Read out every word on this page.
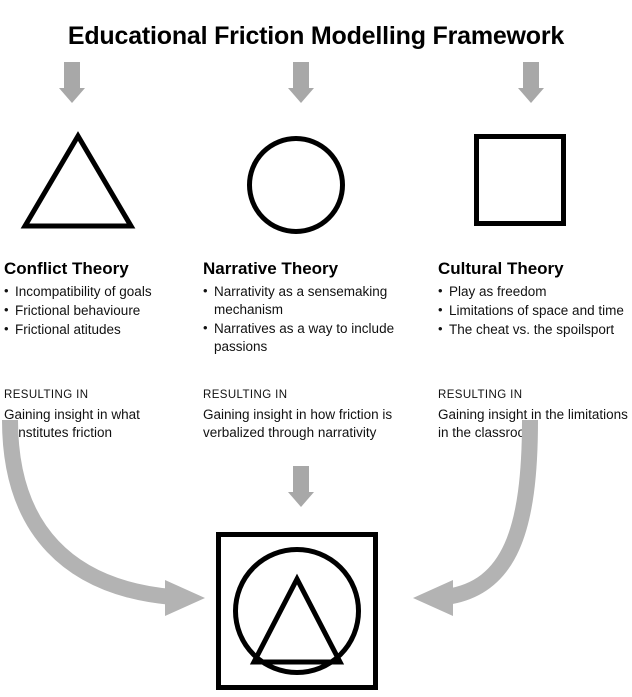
Educational Friction Modelling Framework
Conflict Theory	Narrative Theory	Cultural Theory
• Incompatibility of goals
• Frictional behavioure
• Frictional atitudes
• Narrativity as a sensemaking mechanism
• Narratives as a way to include passions
• Play as freedom
• Limitations of space and time
• The cheat vs. the spoilsport
RESULTING IN
Gaining insight in what constitutes friction
RESULTING IN
Gaining insight in how friction is verbalized through narrativity
RESULTING IN
Gaining insight in the limitations in the classroom
